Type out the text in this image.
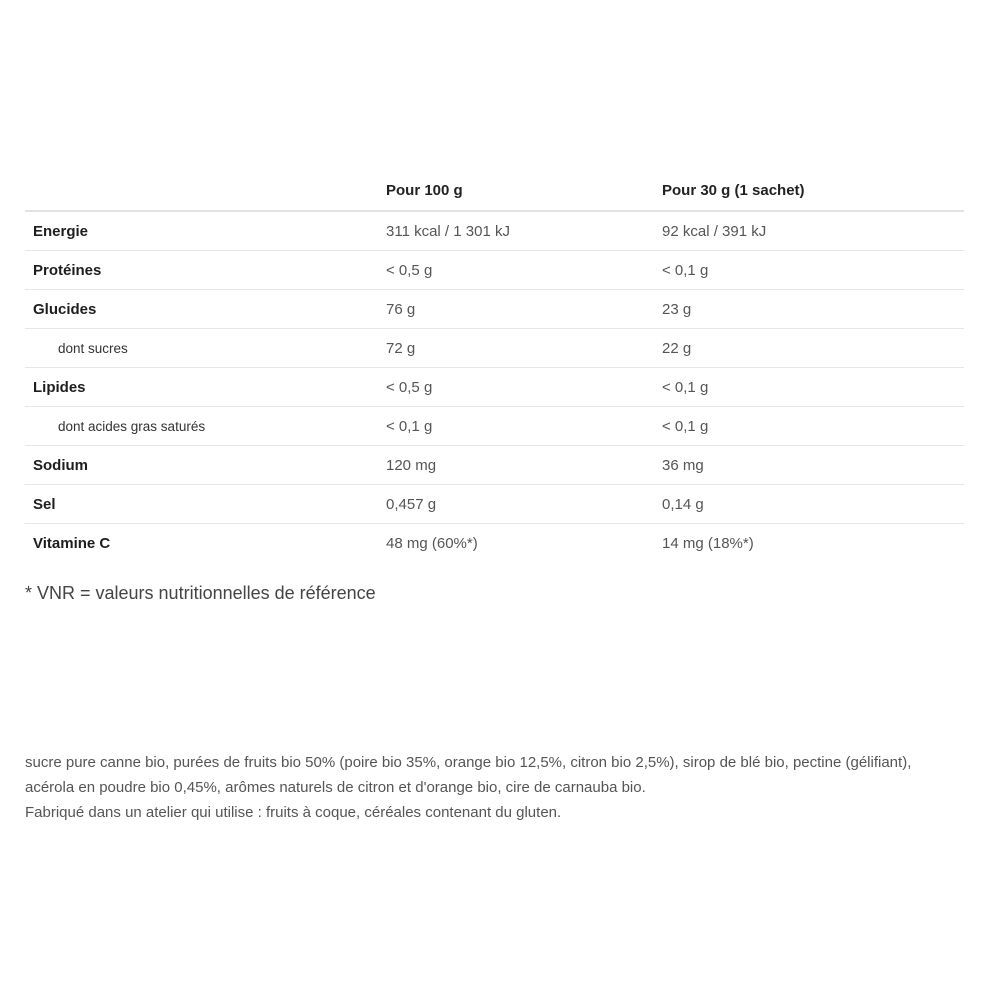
	Pour 100 g	Pour 30 g (1 sachet)
Energie	311 kcal / 1 301 kJ	92 kcal / 391 kJ
Protéines	< 0,5 g	< 0,1 g
Glucides	76 g	23 g
dont sucres	72 g	22 g
Lipides	< 0,5 g	< 0,1 g
dont acides gras saturés	< 0,1 g	< 0,1 g
Sodium	120 mg	36 mg
Sel	0,457 g	0,14 g
Vitamine C	48 mg (60%*)	14 mg (18%*)

* VNR = valeurs nutritionnelles de référence

sucre pure canne bio, purées de fruits bio 50% (poire bio 35%, orange bio 12,5%, citron bio 2,5%), sirop de blé bio, pectine (gélifiant),
acérola en poudre bio 0,45%, arômes naturels de citron et d'orange bio, cire de carnauba bio.
Fabriqué dans un atelier qui utilise : fruits à coque, céréales contenant du gluten.
